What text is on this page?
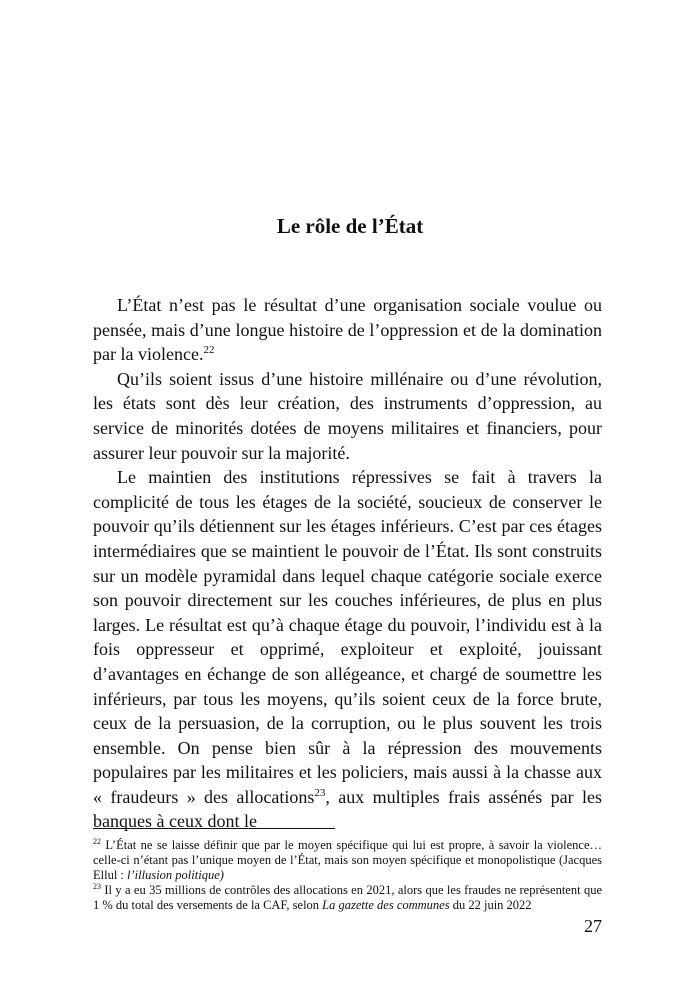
Le rôle de l’État

L’État n’est pas le résultat d’une organisation sociale voulue ou pensée, mais d’une longue histoire de l’oppression et de la domination par la violence.$^{22}$

Qu’ils soient issus d’une histoire millénaire ou d’une révolution, les états sont dès leur création, des instruments d’oppression, au service de minorités dotées de moyens militaires et financiers, pour assurer leur pouvoir sur la majorité.

Le maintien des institutions répressives se fait à travers la complicité de tous les étages de la société, soucieux de conserver le pouvoir qu’ils détiennent sur les étages inférieurs. C’est par ces étages intermédiaires que se maintient le pouvoir de l’État. Ils sont construits sur un modèle pyramidal dans lequel chaque catégorie sociale exerce son pouvoir directement sur les couches inférieures, de plus en plus larges. Le résultat est qu’à chaque étage du pouvoir, l’individu est à la fois oppresseur et opprimé, exploiteur et exploité, jouissant d’avantages en échange de son allégeance, et chargé de soumettre les inférieurs, par tous les moyens, qu’ils soient ceux de la force brute, ceux de la persuasion, de la corruption, ou le plus souvent les trois ensemble. On pense bien sûr à la répression des mouvements populaires par les militaires et les policiers, mais aussi à la chasse aux « fraudeurs » des allocations$^{23}$, aux multiples frais assénés par les banques à ceux dont le

$^{22}$ L’État ne se laisse définir que par le moyen spécifique qui lui est propre, à savoir la violence… celle-ci n’étant pas l’unique moyen de l’État, mais son moyen spécifique et monopolistique (Jacques Ellul : l’illusion politique)

$^{23}$ Il y a eu 35 millions de contrôles des allocations en 2021, alors que les fraudes ne représentent que 1 % du total des versements de la CAF, selon La gazette des communes du 22 juin 2022

27
